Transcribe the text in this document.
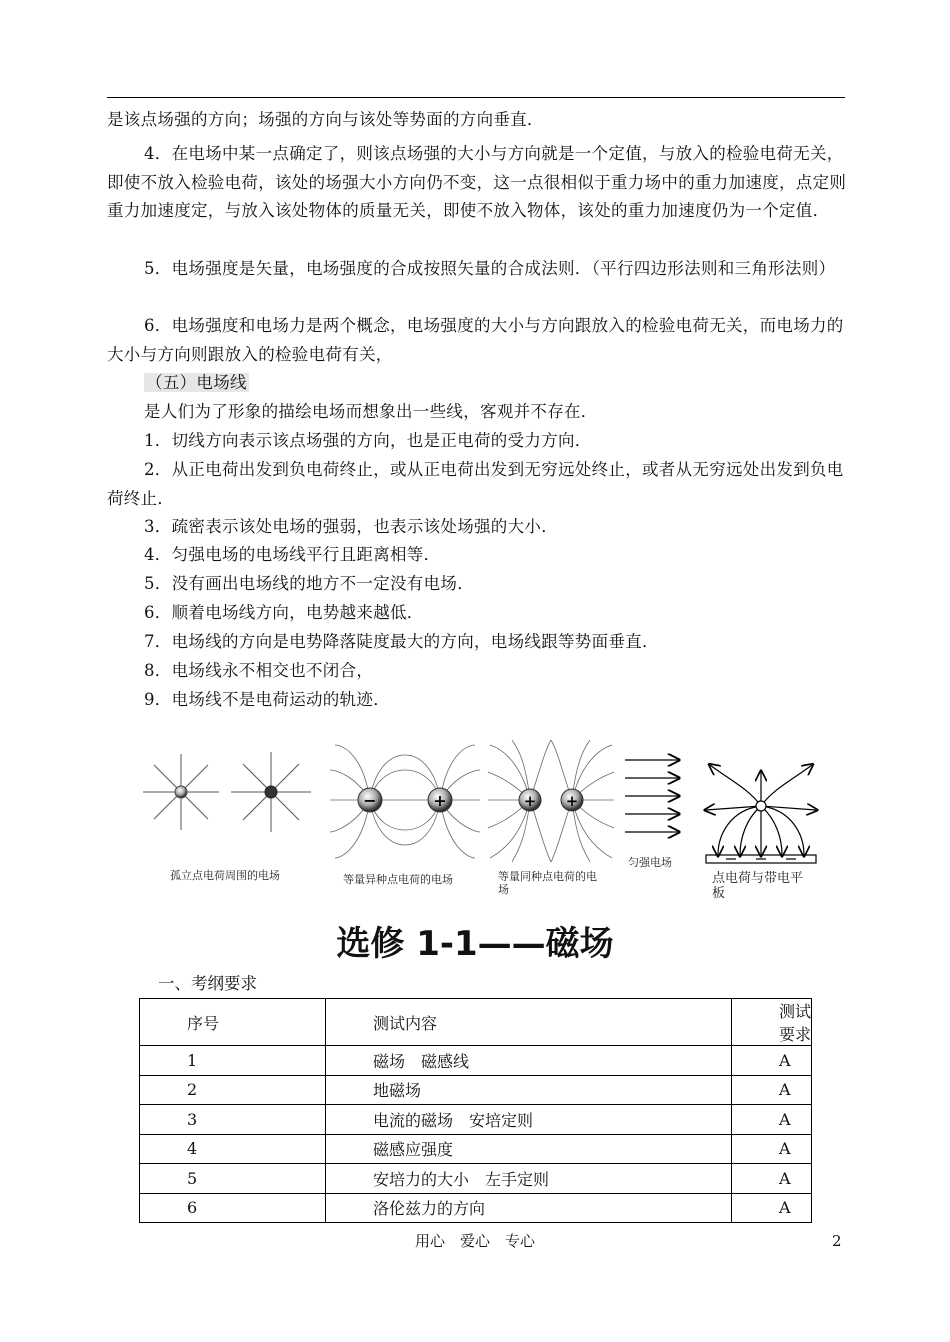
是该点场强的方向；场强的方向与该处等势面的方向垂直．

4．在电场中某一点确定了，则该点场强的大小与方向就是一个定值，与放入的检验电荷无关，即使不放入检验电荷，该处的场强大小方向仍不变，这一点很相似于重力场中的重力加速度，点定则重力加速度定，与放入该处物体的质量无关，即使不放入物体，该处的重力加速度仍为一个定值．

5．电场强度是矢量，电场强度的合成按照矢量的合成法则．（平行四边形法则和三角形法则）

6．电场强度和电场力是两个概念，电场强度的大小与方向跟放入的检验电荷无关，而电场力的大小与方向则跟放入的检验电荷有关，

（五）电场线

是人们为了形象的描绘电场而想象出一些线，客观并不存在．

1．切线方向表示该点场强的方向，也是正电荷的受力方向．

2．从正电荷出发到负电荷终止，或从正电荷出发到无穷远处终止，或者从无穷远处出发到负电荷终止．

3．疏密表示该处电场的强弱，也表示该处场强的大小．

4．匀强电场的电场线平行且距离相等．

5．没有画出电场线的地方不一定没有电场．

6．顺着电场线方向，电势越来越低．

7．电场线的方向是电势降落陡度最大的方向，电场线跟等势面垂直．

8．电场线永不相交也不闭合，

9．电场线不是电荷运动的轨迹．

−	+	+ +
孤立点电荷周围的电场	等量异种点电荷的电场	等量同种点电荷的电场
匀强电场
点电荷与带电平板
选修 1-1——磁场

一、考纲要求

序号	测试内容	测试要求
1	磁场　磁感线	A
2	地磁场	A
3	电流的磁场　安培定则	A
4	磁感应强度	A
5	安培力的大小　左手定则	A
6	洛伦兹力的方向	A

用心　爱心　专心	2
